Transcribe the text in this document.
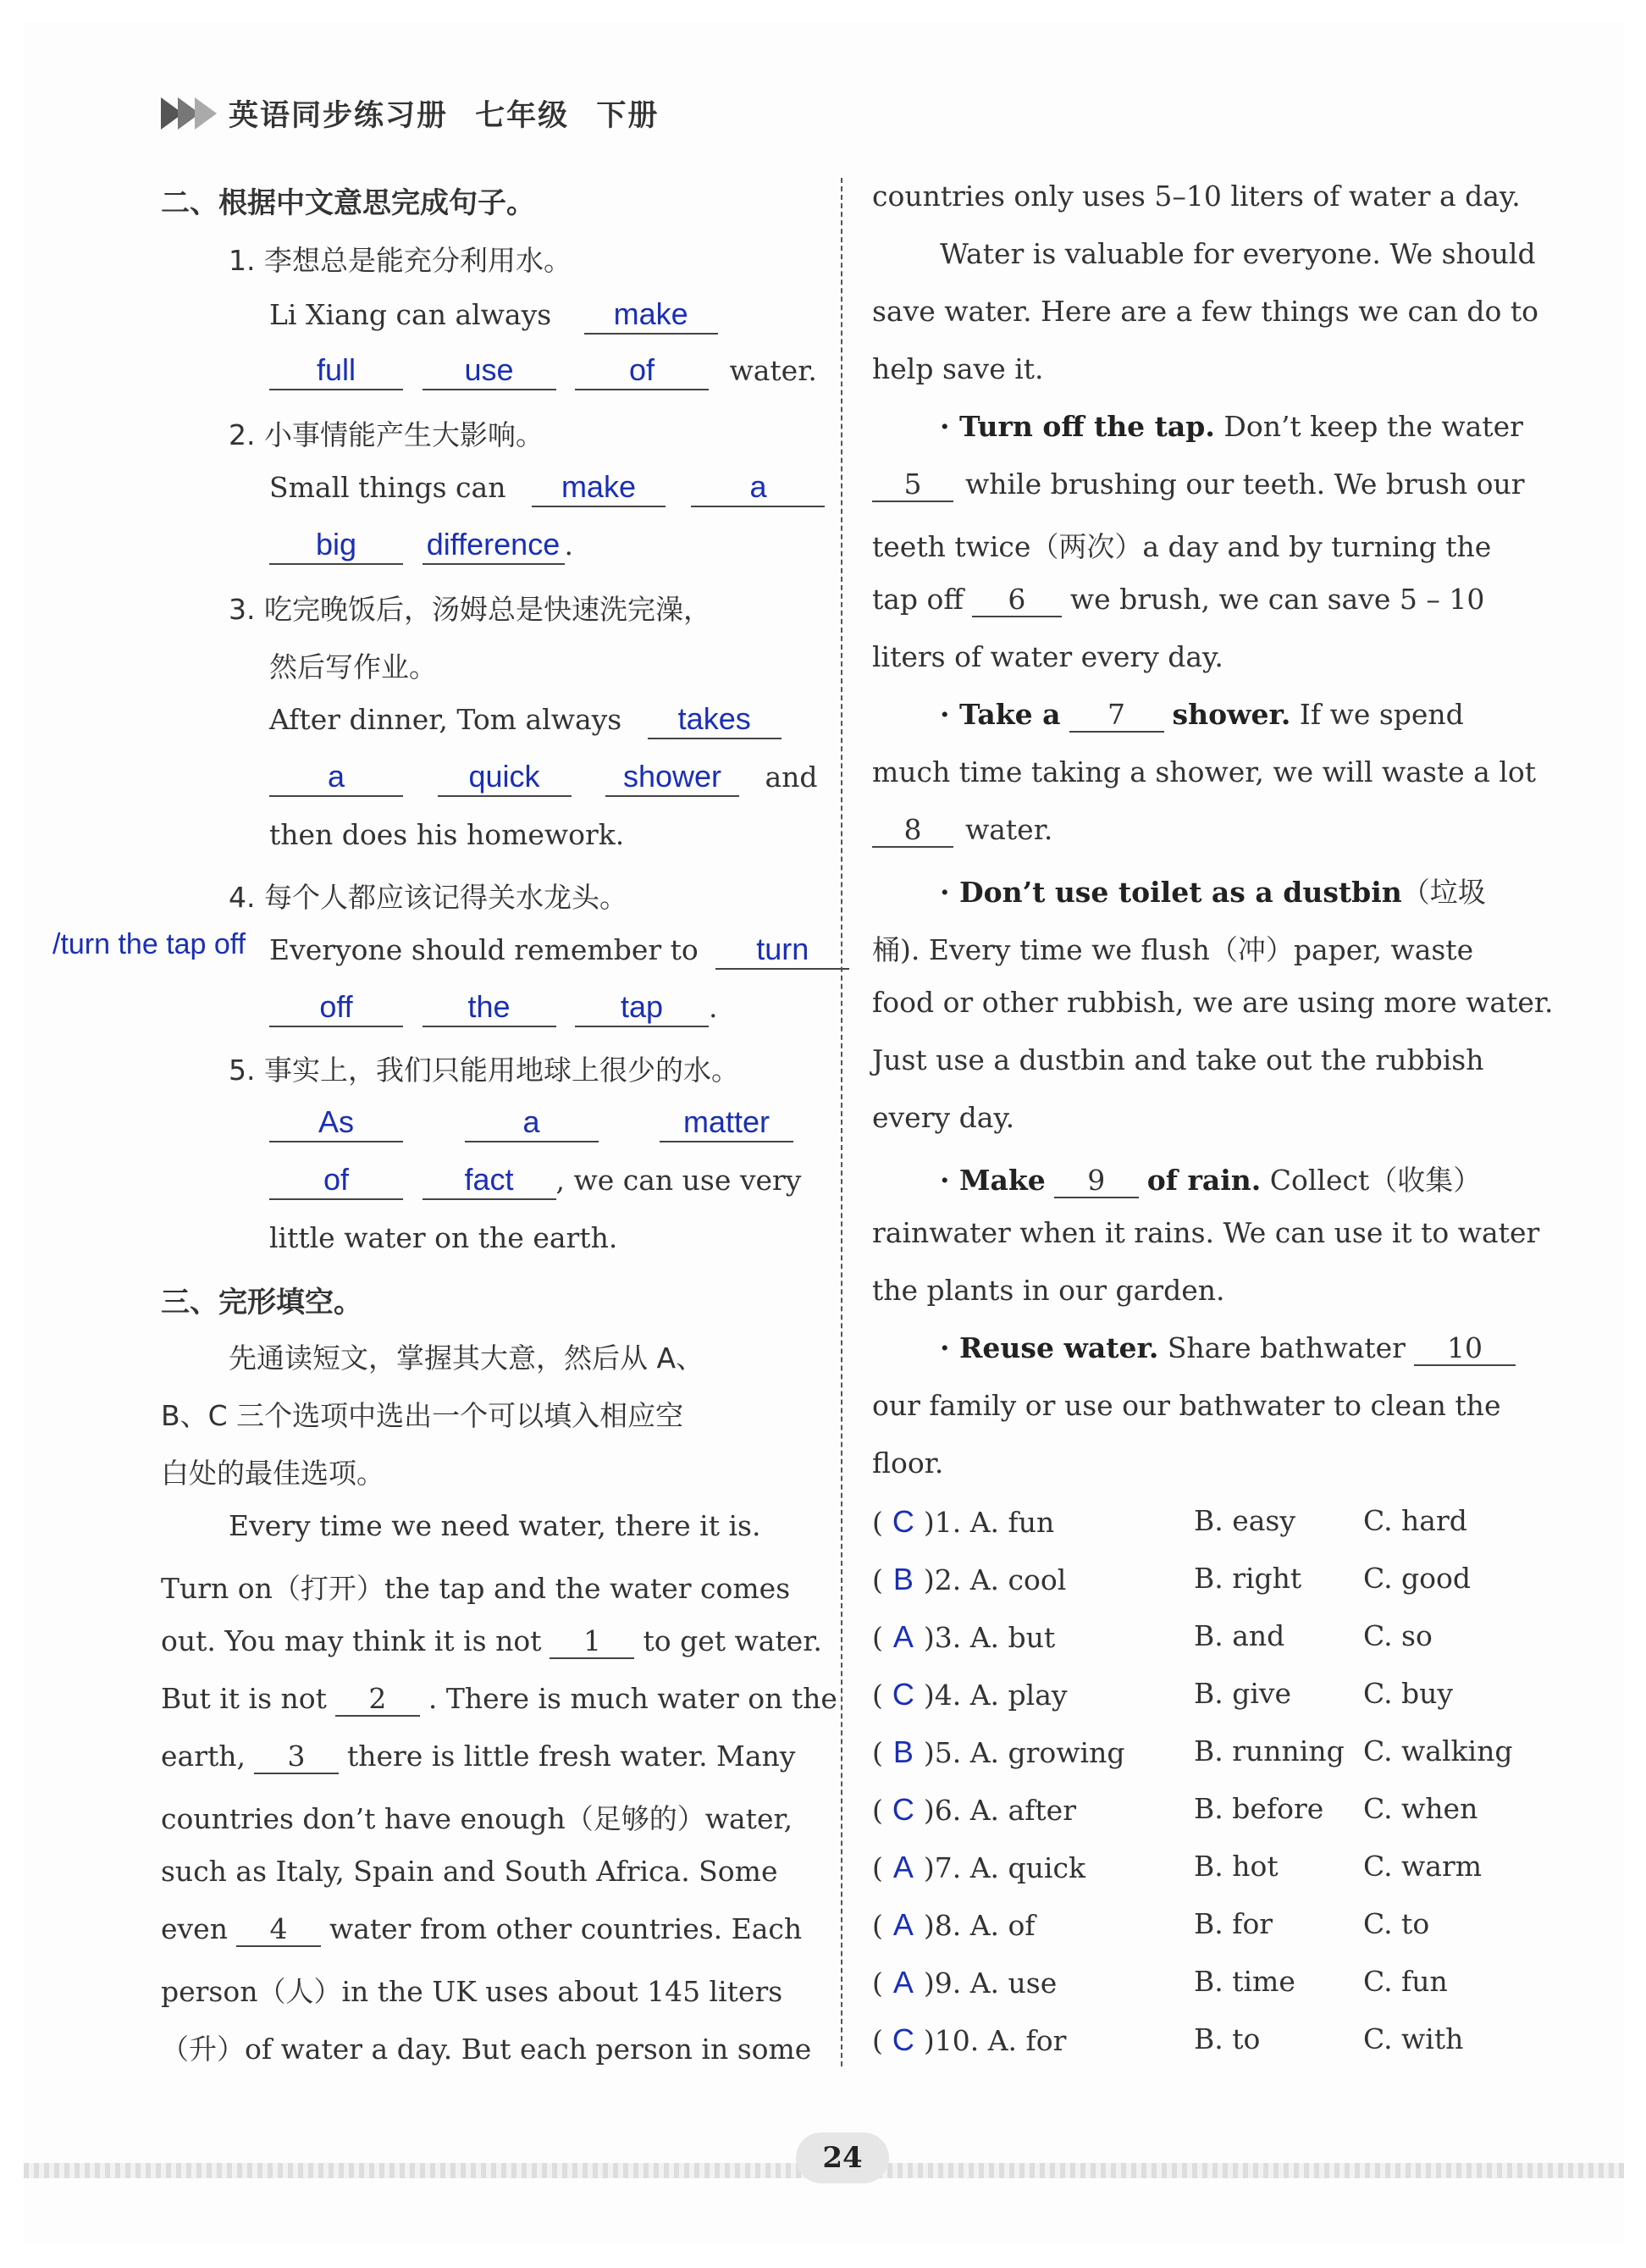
英语同步练习册 七年级 下册
二、根据中文意思完成句子。
1. 李想总是能充分利用水。
Li Xiang can always make
full	use	of	water.
2. 小事情能产生大影响。
Small things can make	a
big difference .
3. 吃完晚饭后，汤姆总是快速洗完澡，
然后写作业。
After dinner, Tom always takes
a	quick	shower and
then does his homework.
4. 每个人都应该记得关水龙头。
/turn the tap off Everyone should remember to turn
off	the	tap .
5. 事实上，我们只能用地球上很少的水。
As	a	matter
of	fact , we can use very
little water on the earth.
三、完形填空。
先通读短文，掌握其大意，然后从 A、
B、C 三个选项中选出一个可以填入相应空
白处的最佳选项。
Every time we need water, there it is.
Turn on（打开）the tap and the water comes
out. You may think it is not 1 to get water.
But it is not 2 . There is much water on the
earth, 3 there is little fresh water. Many
countries don’t have enough（足够的）water,
such as Italy, Spain and South Africa. Some
even 4 water from other countries. Each
person（人）in the UK uses about 145 liters
（升）of water a day. But each person in some
countries only uses 5–10 liters of water a day.
Water is valuable for everyone. We should
save water. Here are a few things we can do to
help save it.
· Turn off the tap. Don’t keep the water
5 while brushing our teeth. We brush our
teeth twice（两次）a day and by turning the
tap off 6 we brush, we can save 5 – 10
liters of water every day.
· Take a 7 shower. If we spend
much time taking a shower, we will waste a lot
8 water.
· Don’t use toilet as a dustbin（垃圾
桶). Every time we flush（冲）paper, waste
food or other rubbish, we are using more water.
Just use a dustbin and take out the rubbish
every day.
· Make 9 of rain. Collect（收集）
rainwater when it rains. We can use it to water
the plants in our garden.
· Reuse water. Share bathwater 10
our family or use our bathwater to clean the
floor.
( C )1. A. fun	B. easy C. hard
( B )2. A. cool	B. right C. good
( A )3. A. but	B. and	C. so
( C )4. A. play	B. give	C. buy
( B )5. A. growing B. running C. walking
( C )6. A. after	B. before C. when
( A )7. A. quick	B. hot	C. warm
( A )8. A. of	B. for	C. to
( A )9. A. use	B. time C. fun
( C )10. A. for	B. to	C. with
24
